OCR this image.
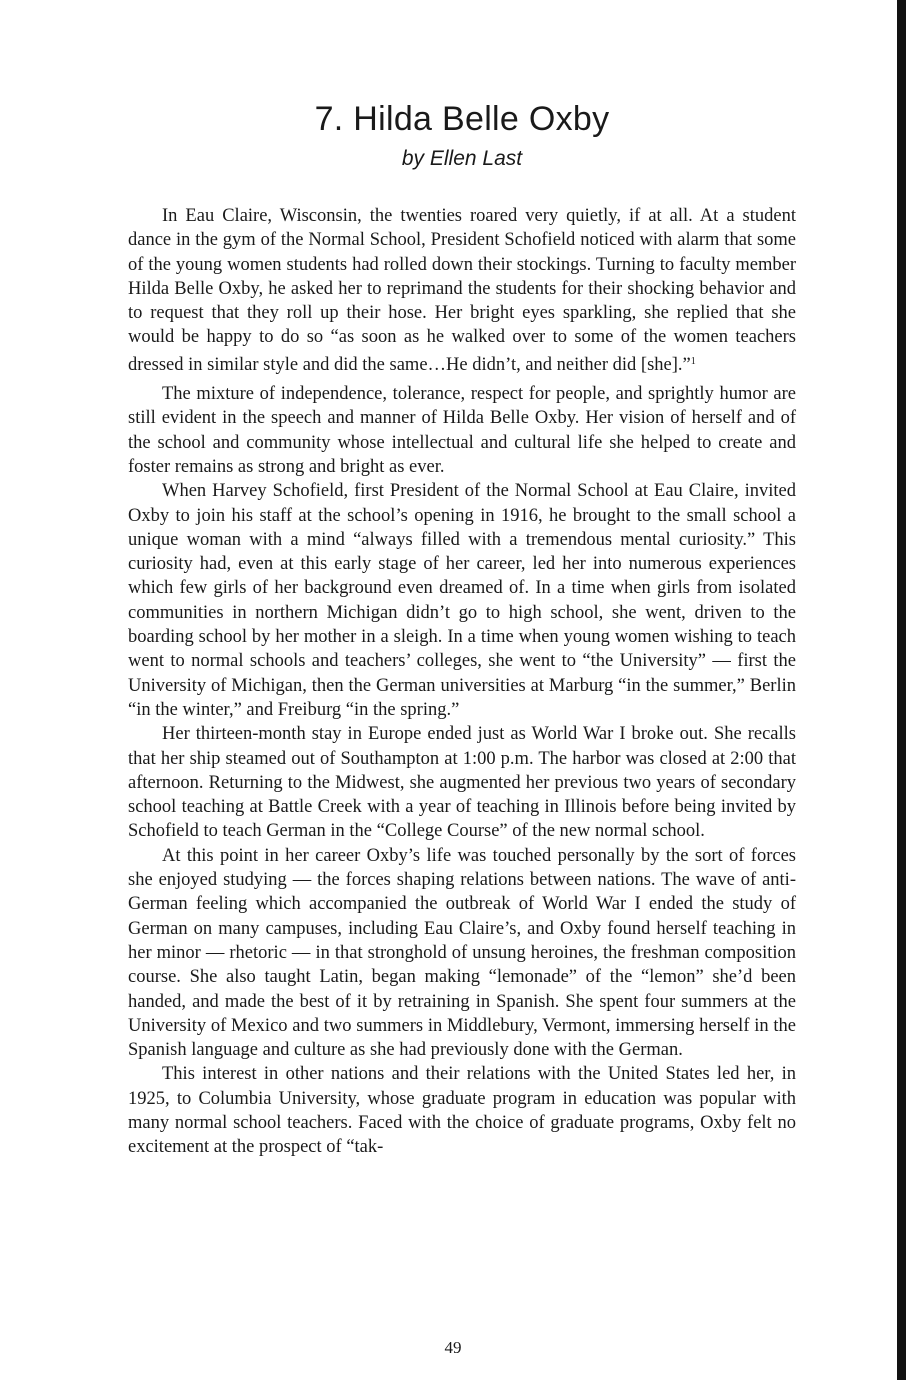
7. Hilda Belle Oxby
by Ellen Last

In Eau Claire, Wisconsin, the twenties roared very quietly, if at all. At a student dance in the gym of the Normal School, President Schofield noticed with alarm that some of the young women students had rolled down their stockings. Turning to faculty member Hilda Belle Oxby, he asked her to reprimand the students for their shocking behavior and to request that they roll up their hose. Her bright eyes sparkling, she replied that she would be happy to do so “as soon as he walked over to some of the women teachers dressed in similar style and did the same…He didn’t, and neither did [she].”$^1$

The mixture of independence, tolerance, respect for people, and sprightly humor are still evident in the speech and manner of Hilda Belle Oxby. Her vision of herself and of the school and community whose intellectual and cultural life she helped to create and foster remains as strong and bright as ever.

When Harvey Schofield, first President of the Normal School at Eau Claire, invited Oxby to join his staff at the school’s opening in 1916, he brought to the small school a unique woman with a mind “always filled with a tremendous mental curiosity.” This curiosity had, even at this early stage of her career, led her into numerous experiences which few girls of her background even dreamed of. In a time when girls from isolated communities in northern Michigan didn’t go to high school, she went, driven to the boarding school by her mother in a sleigh. In a time when young women wishing to teach went to normal schools and teachers’ colleges, she went to “the University” — first the University of Michigan, then the German universities at Marburg “in the summer,” Berlin “in the winter,” and Freiburg “in the spring.”

Her thirteen-month stay in Europe ended just as World War I broke out. She recalls that her ship steamed out of Southampton at 1:00 p.m. The harbor was closed at 2:00 that afternoon. Returning to the Midwest, she augmented her previous two years of secondary school teaching at Battle Creek with a year of teaching in Illinois before being invited by Schofield to teach German in the “College Course” of the new normal school.

At this point in her career Oxby’s life was touched personally by the sort of forces she enjoyed studying — the forces shaping relations between nations. The wave of anti-German feeling which accompanied the outbreak of World War I ended the study of German on many campuses, including Eau Claire’s, and Oxby found herself teaching in her minor — rhetoric — in that stronghold of unsung heroines, the freshman composition course. She also taught Latin, began making “lemonade” of the “lemon” she’d been handed, and made the best of it by retraining in Spanish. She spent four summers at the University of Mexico and two summers in Middlebury, Vermont, immersing herself in the Spanish language and culture as she had previously done with the German.

This interest in other nations and their relations with the United States led her, in 1925, to Columbia University, whose graduate program in education was popular with many normal school teachers. Faced with the choice of graduate programs, Oxby felt no excitement at the prospect of “tak-

49
